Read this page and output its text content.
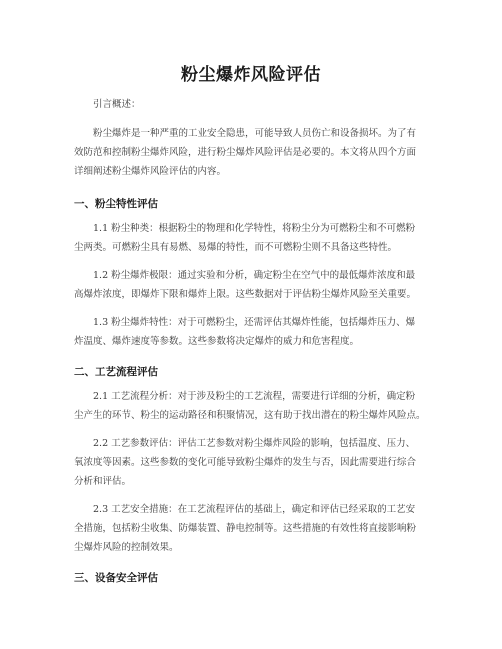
粉尘爆炸风险评估
引言概述：
粉尘爆炸是一种严重的工业安全隐患，可能导致人员伤亡和设备损坏。为了有
效防范和控制粉尘爆炸风险，进行粉尘爆炸风险评估是必要的。本文将从四个方面
详细阐述粉尘爆炸风险评估的内容。
一、粉尘特性评估
1.1 粉尘种类：根据粉尘的物理和化学特性，将粉尘分为可燃粉尘和不可燃粉
尘两类。可燃粉尘具有易燃、易爆的特性，而不可燃粉尘则不具备这些特性。
1.2 粉尘爆炸极限：通过实验和分析，确定粉尘在空气中的最低爆炸浓度和最
高爆炸浓度，即爆炸下限和爆炸上限。这些数据对于评估粉尘爆炸风险至关重要。
1.3 粉尘爆炸特性：对于可燃粉尘，还需评估其爆炸性能，包括爆炸压力、爆
炸温度、爆炸速度等参数。这些参数将决定爆炸的威力和危害程度。
二、工艺流程评估
2.1 工艺流程分析：对于涉及粉尘的工艺流程，需要进行详细的分析，确定粉
尘产生的环节、粉尘的运动路径和积聚情况，这有助于找出潜在的粉尘爆炸风险点。
2.2 工艺参数评估：评估工艺参数对粉尘爆炸风险的影响，包括温度、压力、
氧浓度等因素。这些参数的变化可能导致粉尘爆炸的发生与否，因此需要进行综合
分析和评估。
2.3 工艺安全措施：在工艺流程评估的基础上，确定和评估已经采取的工艺安
全措施，包括粉尘收集、防爆装置、静电控制等。这些措施的有效性将直接影响粉
尘爆炸风险的控制效果。
三、设备安全评估
